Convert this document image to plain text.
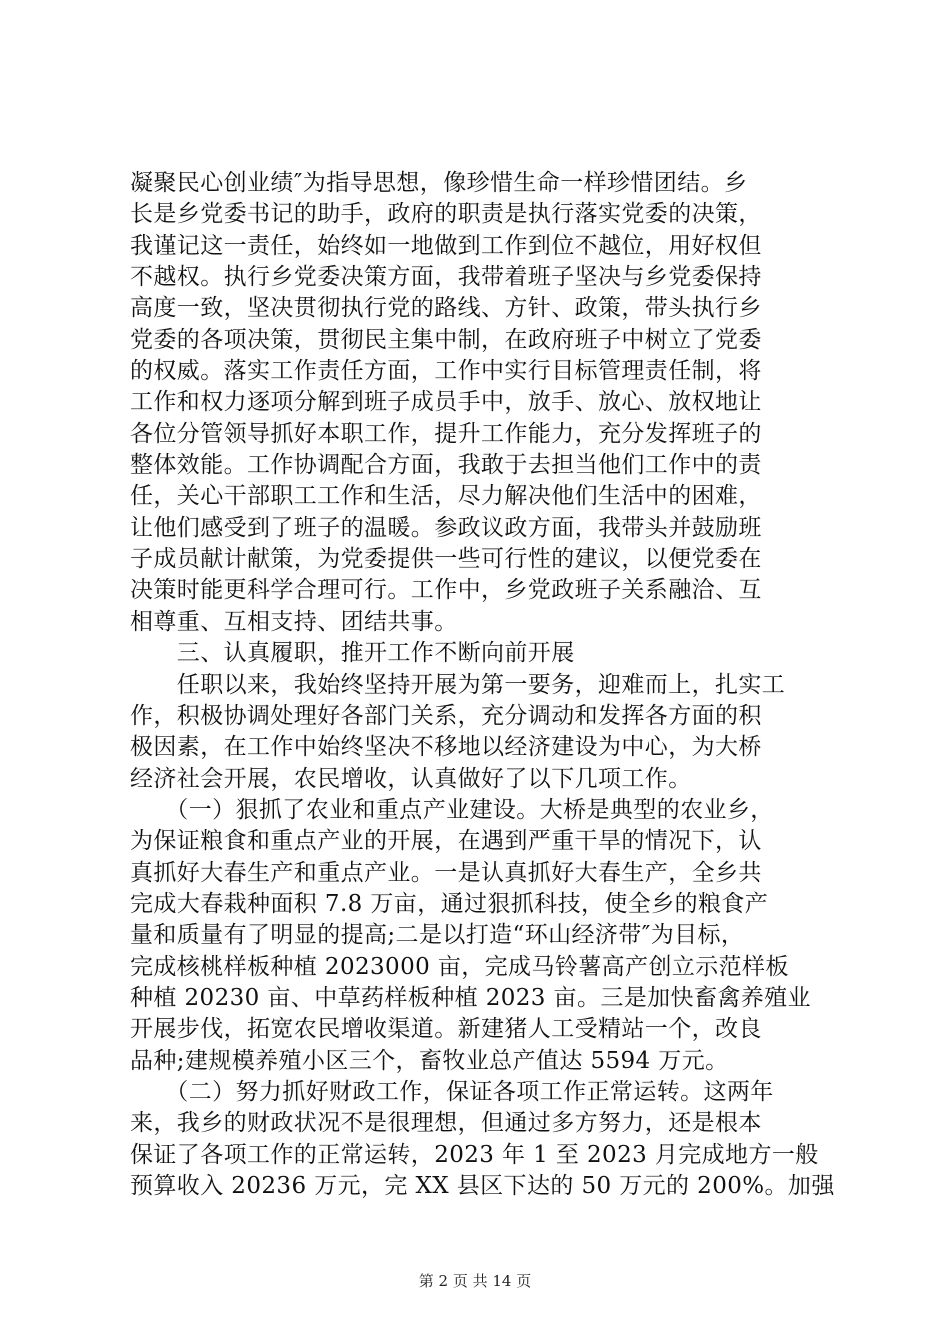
凝聚民心创业绩″为指导思想，像珍惜生命一样珍惜团结。乡
长是乡党委书记的助手，政府的职责是执行落实党委的决策，
我谨记这一责任，始终如一地做到工作到位不越位，用好权但
不越权。执行乡党委决策方面，我带着班子坚决与乡党委保持
高度一致，坚决贯彻执行党的路线、方针、政策，带头执行乡
党委的各项决策，贯彻民主集中制，在政府班子中树立了党委
的权威。落实工作责任方面，工作中实行目标管理责任制，将
工作和权力逐项分解到班子成员手中，放手、放心、放权地让
各位分管领导抓好本职工作，提升工作能力，充分发挥班子的
整体效能。工作协调配合方面，我敢于去担当他们工作中的责
任，关心干部职工工作和生活，尽力解决他们生活中的困难，
让他们感受到了班子的温暖。参政议政方面，我带头并鼓励班
子成员献计献策，为党委提供一些可行性的建议，以便党委在
决策时能更科学合理可行。工作中，乡党政班子关系融洽、互
相尊重、互相支持、团结共事。
　　三、认真履职，推开工作不断向前开展
　　任职以来，我始终坚持开展为第一要务，迎难而上，扎实工
作，积极协调处理好各部门关系，充分调动和发挥各方面的积
极因素，在工作中始终坚决不移地以经济建设为中心，为大桥
经济社会开展，农民增收，认真做好了以下几项工作。
　　（一）狠抓了农业和重点产业建设。大桥是典型的农业乡，
为保证粮食和重点产业的开展，在遇到严重干旱的情况下，认
真抓好大春生产和重点产业。一是认真抓好大春生产，全乡共
完成大春栽种面积 7.8 万亩，通过狠抓科技，使全乡的粮食产
量和质量有了明显的提高;二是以打造“环山经济带″为目标，
完成核桃样板种植 2023000 亩，完成马铃薯高产创立示范样板
种植 20230 亩、中草药样板种植 2023 亩。三是加快畜禽养殖业
开展步伐，拓宽农民增收渠道。新建猪人工受精站一个，改良
品种;建规模养殖小区三个，畜牧业总产值达 5594 万元。
　　（二）努力抓好财政工作，保证各项工作正常运转。这两年
来，我乡的财政状况不是很理想，但通过多方努力，还是根本
保证了各项工作的正常运转，2023 年 1 至 2023 月完成地方一般
预算收入 20236 万元，完 XX 县区下达的 50 万元的 200%。加强
第 2 页 共 14 页
